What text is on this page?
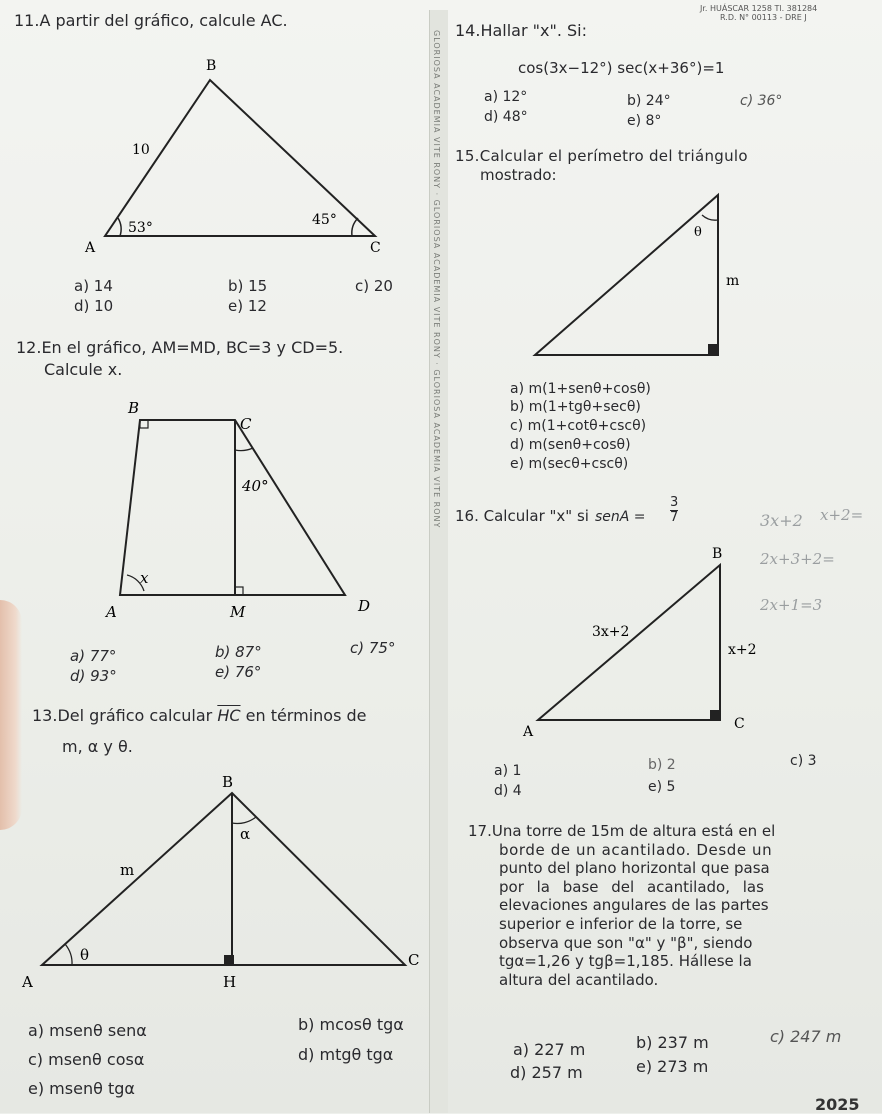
Jr. HUÁSCAR 1258 Tl. 381284
R.D. N° 00113 - DRE J
GLORIOSA ACADEMIA VITE RONY · GLORIOSA ACADEMIA VITE RONY · GLORIOSA ACADEMIA VITE RONY
11.A partir del gráfico, calcule AC.
B
A	C
10
53°	45°
a) 14	b) 15	c) 20
d) 10	e) 12
12.En el gráfico, AM=MD, BC=3 y CD=5.
Calcule x.
B
C
A	M	D
40°
x
a) 77°	b) 87°	c) 75°
d) 93°	e) 76°
13.Del gráfico calcular $\overline{HC}$ en términos de
m, α y θ.
B
A	H
C
m
α
θ
a) msenθ senα	b) mcosθ tgα
c) msenθ cosα	d) mtgθ tgα
e) msenθ tgα
14.Hallar "x". Si:
cos(3x−12°) sec(x+36°)=1
a) 12°	b) 24°	c) 36°
d) 48°	e) 8°
15.Calcular el perímetro del triángulo
mostrado:
θ
m
a) m(1+senθ+cosθ)
b) m(1+tgθ+secθ)
c) m(1+cotθ+cscθ)
d) m(senθ+cosθ)
e) m(secθ+cscθ)
16. Calcular "x" si senA = $\frac{3}{7}$
B
A	C
3x+2
x+2
a) 1	b) 2	c) 3
d) 4	e) 5
3x+2 x+2=
2x+3+2=
2x+1=3
17.Una torre de 15m de altura está en el
borde de un acantilado. Desde un
punto del plano horizontal que pasa
por la base del acantilado, las
elevaciones angulares de las partes
superior e inferior de la torre, se
observa que son "α" y "β", siendo
tgα=1,26 y tgβ=1,185. Hállese la
altura del acantilado.
a) 227 m	b) 237 m	c) 247 m
d) 257 m	e) 273 m
2025
